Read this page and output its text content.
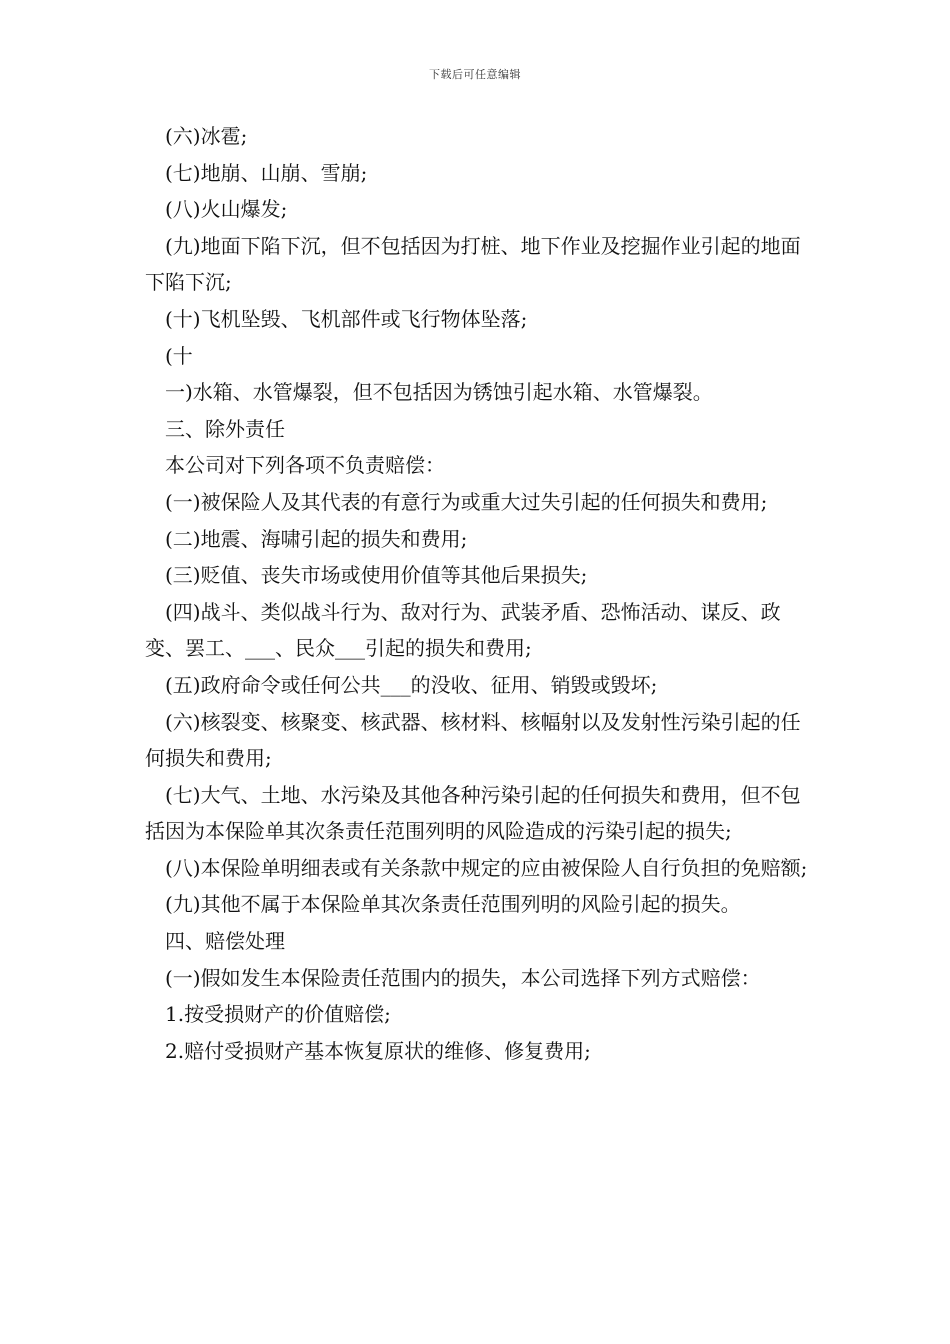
下载后可任意编辑

(六)冰雹;

(七)地崩、山崩、雪崩;

(八)火山爆发;

(九)地面下陷下沉，但不包括因为打桩、地下作业及挖掘作业引起的地面下陷下沉;

(十)飞机坠毁、飞机部件或飞行物体坠落;

(十

一)水箱、水管爆裂，但不包括因为锈蚀引起水箱、水管爆裂。

三、除外责任

本公司对下列各项不负责赔偿：

(一)被保险人及其代表的有意行为或重大过失引起的任何损失和费用;

(二)地震、海啸引起的损失和费用;

(三)贬值、丧失市场或使用价值等其他后果损失;

(四)战斗、类似战斗行为、敌对行为、武装矛盾、恐怖活动、谋反、政变、罢工、___、民众___引起的损失和费用;

(五)政府命令或任何公共___的没收、征用、销毁或毁坏;

(六)核裂变、核聚变、核武器、核材料、核幅射以及发射性污染引起的任何损失和费用;

(七)大气、土地、水污染及其他各种污染引起的任何损失和费用，但不包括因为本保险单其次条责任范围列明的风险造成的污染引起的损失;

(八)本保险单明细表或有关条款中规定的应由被保险人自行负担的免赔额;

(九)其他不属于本保险单其次条责任范围列明的风险引起的损失。

四、赔偿处理

(一)假如发生本保险责任范围内的损失，本公司选择下列方式赔偿：

1.按受损财产的价值赔偿;

2.赔付受损财产基本恢复原状的维修、修复费用;
